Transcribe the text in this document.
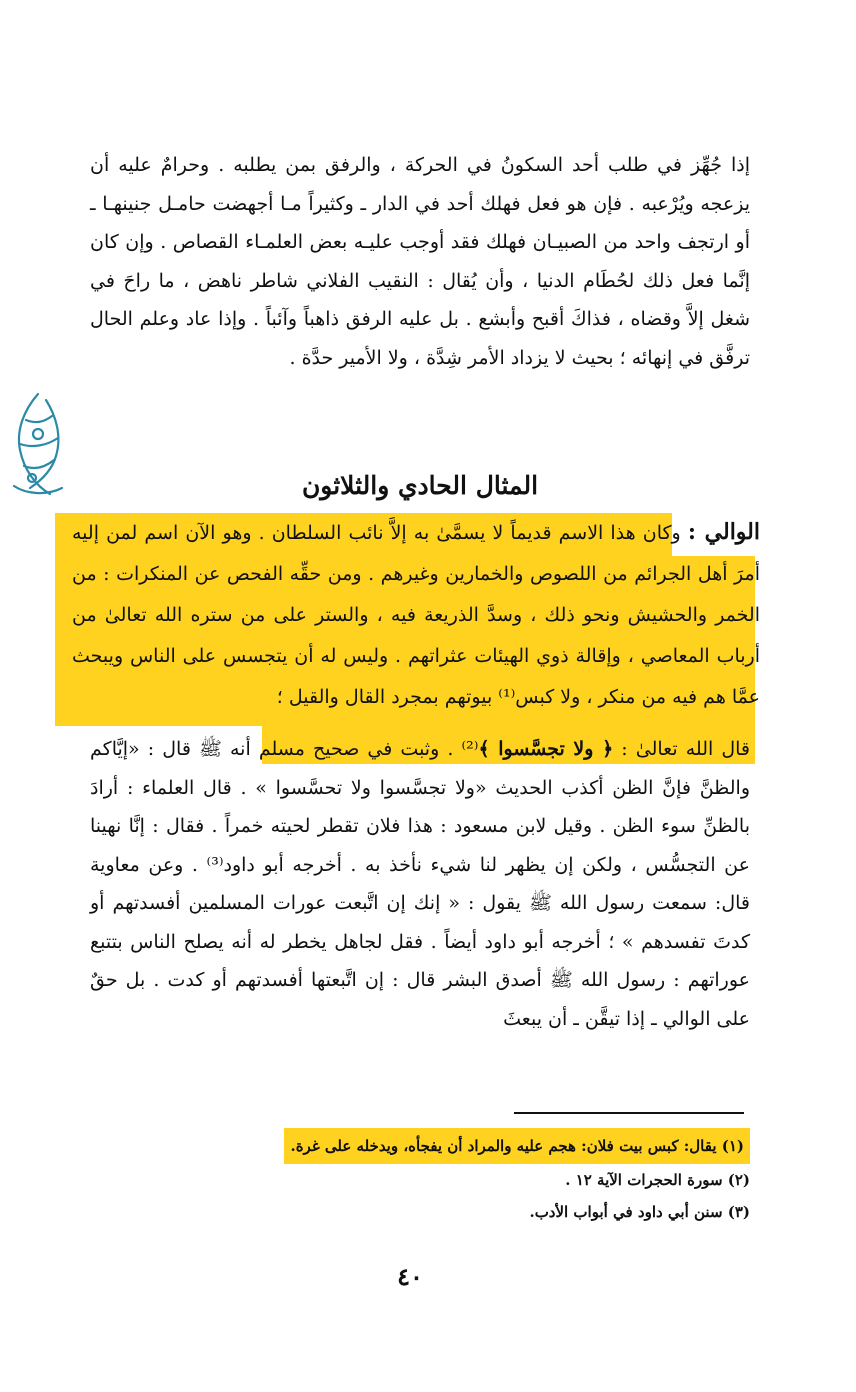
إذا جُهِّز في طلب أحد السكونُ في الحركة ، والرفق بمن يطلبه . وحرامٌ عليه أن يزعجه ويُرْعبه . فإن هو فعل فهلك أحد في الدار ـ وكثيراً مـا أجهضت حامـل جنينهـا ـ أو ارتجف واحد من الصبيـان فهلك فقد أوجب عليـه بعض العلمـاء القصاص . وإن كان إنَّما فعل ذلك لحُطَام الدنيا ، وأن يُقال : النقيب الفلاني شاطر ناهض ، ما راحَ في شغل إلاَّ وقضاه ، فذاكَ أقبح وأبشع . بل عليه الرفق ذاهباً وآئباً . وإذا عاد وعلم الحال ترفَّق في إنهائه ؛ بحيث لا يزداد الأمر شِدَّة ، ولا الأمير حدَّة .

المثال الحادي والثلاثون

الوالي : وكان هذا الاسم قديماً لا يسمَّىٰ به إلاَّ نائب السلطان . وهو الآن اسم لمن إليه أمرَ أهل الجرائم من اللصوص والخمارين وغيرهم . ومن حقِّه الفحص عن المنكرات : من الخمر والحشيش ونحو ذلك ، وسدَّ الذريعة فيه ، والستر على من ستره الله تعالىٰ من أرباب المعاصي ، وإقالة ذوي الهيئات عثراتهم . وليس له أن يتجسس على الناس ويبحث عمَّا هم فيه من منكر ، ولا كبس⁽¹⁾ بيوتهم بمجرد القال والقيل ؛

قال الله تعالىٰ : ﴿ ولا تجسَّسوا ﴾⁽²⁾ . وثبت في صحيح مسلم أنه ﷺ قال : «إيَّاكم والظنَّ فإنَّ الظن أكذب الحديث «ولا تجسَّسوا ولا تحسَّسوا » . قال العلماء : أرادَ بالظنِّ سوء الظن . وقيل لابن مسعود : هذا فلان تقطر لحيته خمراً . فقال : إنَّا نهينا عن التجسُّس ، ولكن إن يظهر لنا شيء نأخذ به . أخرجه أبو داود⁽³⁾ . وعن معاوية قال: سمعت رسول الله ﷺ يقول : « إنك إن اتَّبعت عورات المسلمين أفسدتهم أو كدتَ تفسدهم » ؛ أخرجه أبو داود أيضاً . فقل لجاهل يخطر له أنه يصلح الناس بتتبع عوراتهم : رسول الله ﷺ أصدق البشر قال : إن اتَّبعتها أفسدتهم أو كدت . بل حقٌ على الوالي ـ إذا تيقَّن ـ أن يبعثَ

(١) يقال: كبس بيت فلان: هجم عليه والمراد أن يفجأه، ويدخله على غرة.
(٢) سورة الحجرات الآية ١٢ .
(٣) سنن أبي داود في أبواب الأدب.
٤٠
